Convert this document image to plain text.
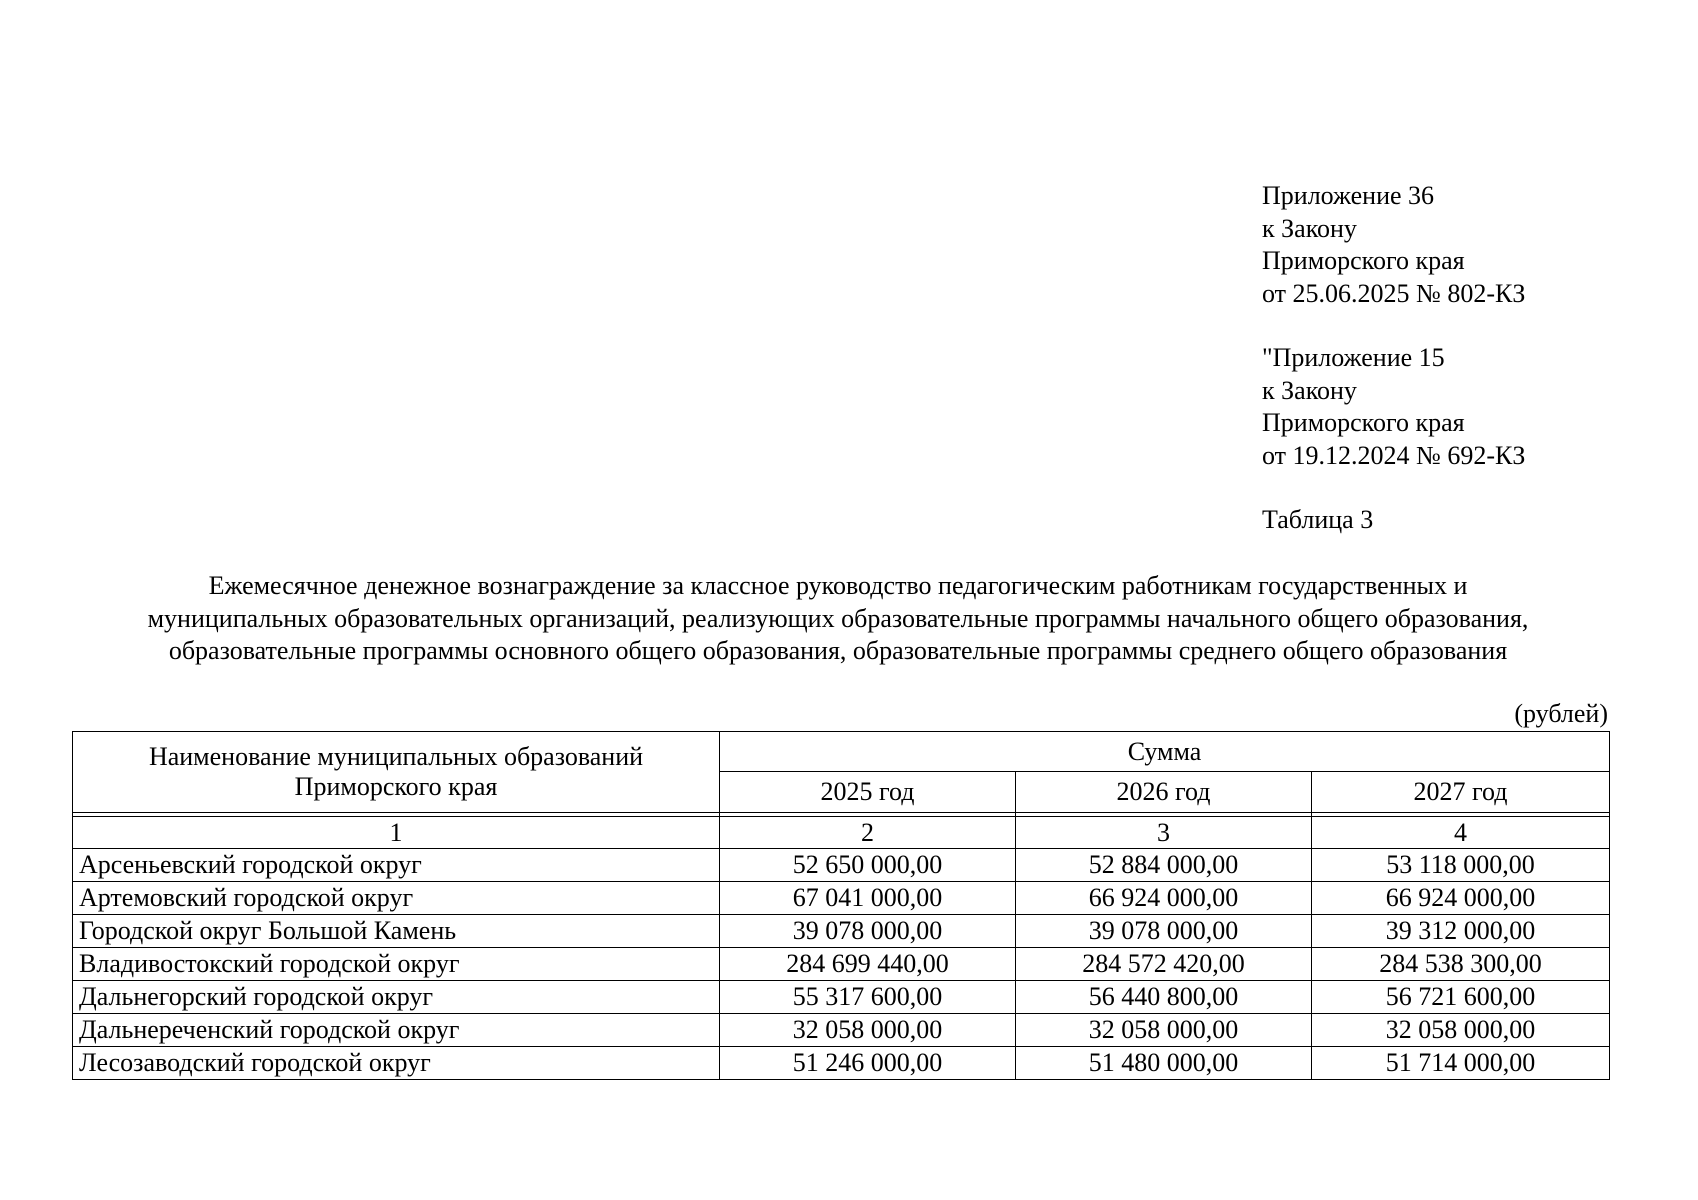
Приложение 36
к Закону
Приморского края
от 25.06.2025 № 802-КЗ
"Приложение 15
к Закону
Приморского края
от 19.12.2024 № 692-КЗ
Таблица 3
Ежемесячное денежное вознаграждение за классное руководство педагогическим работникам государственных и
муниципальных образовательных организаций, реализующих образовательные программы начального общего образования,
образовательные программы основного общего образования, образовательные программы среднего общего образования
(рублей)
Наименование муниципальных образований Приморского края	Сумма		
	2025 год	2026 год	2027 год

1	2	3	4
Арсеньевский городской округ	52 650 000,00	52 884 000,00	53 118 000,00
Артемовский городской округ	67 041 000,00	66 924 000,00	66 924 000,00
Городской округ Большой Камень	39 078 000,00	39 078 000,00	39 312 000,00
Владивостокский городской округ	284 699 440,00	284 572 420,00	284 538 300,00
Дальнегорский городской округ	55 317 600,00	56 440 800,00	56 721 600,00
Дальнереченский городской округ	32 058 000,00	32 058 000,00	32 058 000,00
Лесозаводский городской округ	51 246 000,00	51 480 000,00	51 714 000,00
